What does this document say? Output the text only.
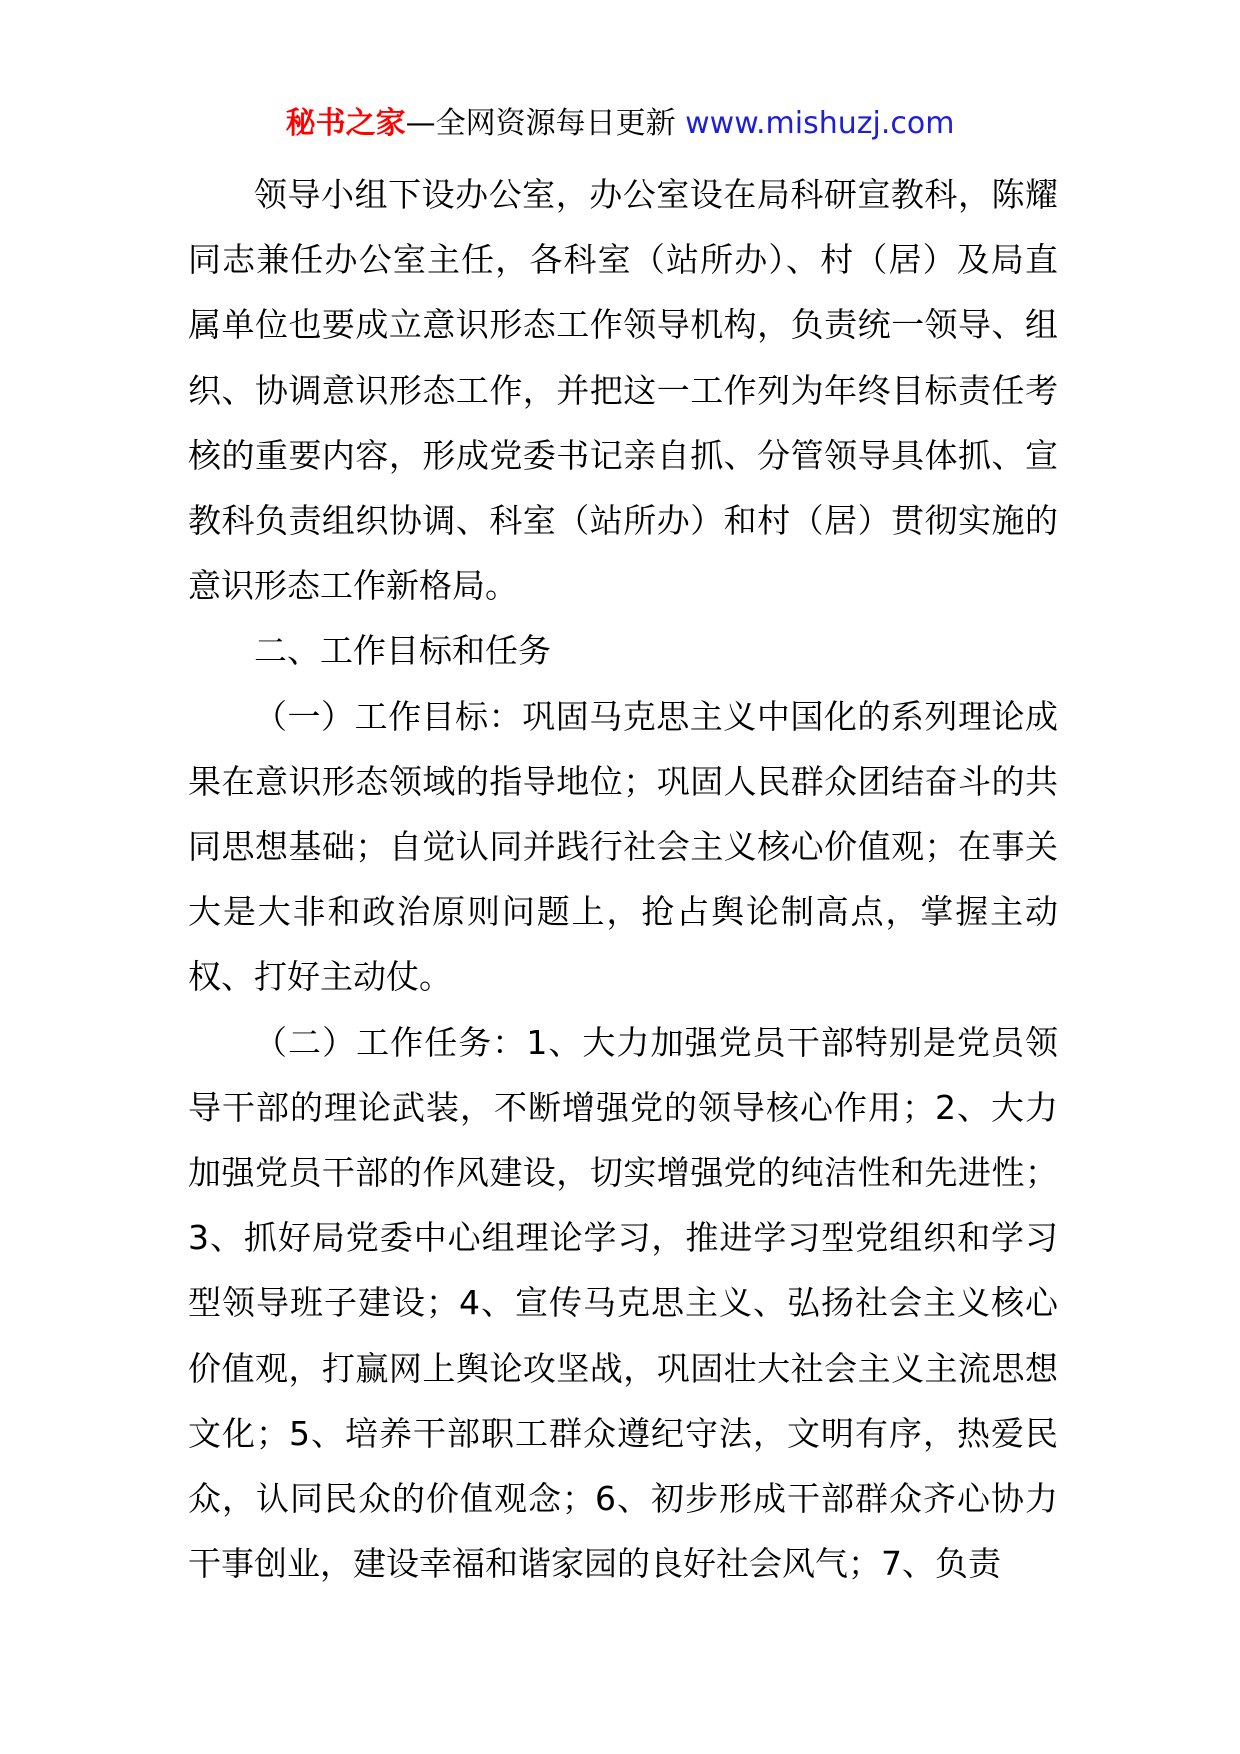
秘书之家—全网资源每日更新 www.mishuzj.com

领导小组下设办公室，办公室设在局科研宣教科，陈耀同志兼任办公室主任，各科室（站所办）、村（居）及局直属单位也要成立意识形态工作领导机构，负责统一领导、组织、协调意识形态工作，并把这一工作列为年终目标责任考核的重要内容，形成党委书记亲自抓、分管领导具体抓、宣教科负责组织协调、科室（站所办）和村（居）贯彻实施的意识形态工作新格局。

二、工作目标和任务

（一）工作目标：巩固马克思主义中国化的系列理论成果在意识形态领域的指导地位；巩固人民群众团结奋斗的共同思想基础；自觉认同并践行社会主义核心价值观；在事关大是大非和政治原则问题上，抢占舆论制高点，掌握主动权、打好主动仗。

（二）工作任务：1、大力加强党员干部特别是党员领导干部的理论武装，不断增强党的领导核心作用；2、大力加强党员干部的作风建设，切实增强党的纯洁性和先进性；3、抓好局党委中心组理论学习，推进学习型党组织和学习型领导班子建设；4、宣传马克思主义、弘扬社会主义核心价值观，打赢网上舆论攻坚战，巩固壮大社会主义主流思想文化；5、培养干部职工群众遵纪守法，文明有序，热爱民众，认同民众的价值观念；6、初步形成干部群众齐心协力干事创业，建设幸福和谐家园的良好社会风气；7、负责
